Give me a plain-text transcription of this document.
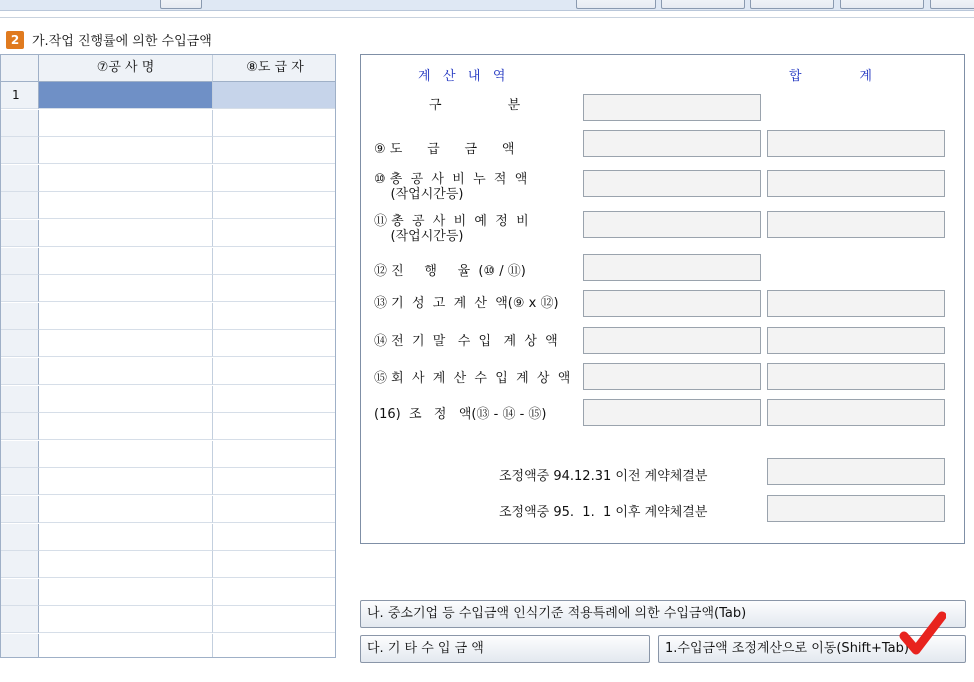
2 가.작업 진행률에 의한 수입금액
⑦공 사 명	⑧도 급 자
1
계   산   내   역	합              계
구                분
⑨ 도      급      금      액
⑩ 총  공  사  비  누  적  액
(작업시간등)
⑪ 총  공  사  비  예  정  비
(작업시간등)
⑫ 진     행     율  (⑩ / ⑪)
⑬ 기  성  고  계  산  액(⑨ x ⑫)
⑭ 전  기  말   수  입   계  상  액
⑮ 회  사  계  산  수  입  계  상  액
(16)  조   정   액(⑬ - ⑭ - ⑮)
조정액중 94.12.31 이전 계약체결분
조정액중 95.  1.  1 이후 계약체결분
나. 중소기업 등 수입금액 인식기준 적용특례에 의한 수입금액(Tab)
다. 기 타 수 입 금 액	1.수입금액 조정계산으로 이동(Shift+Tab)
